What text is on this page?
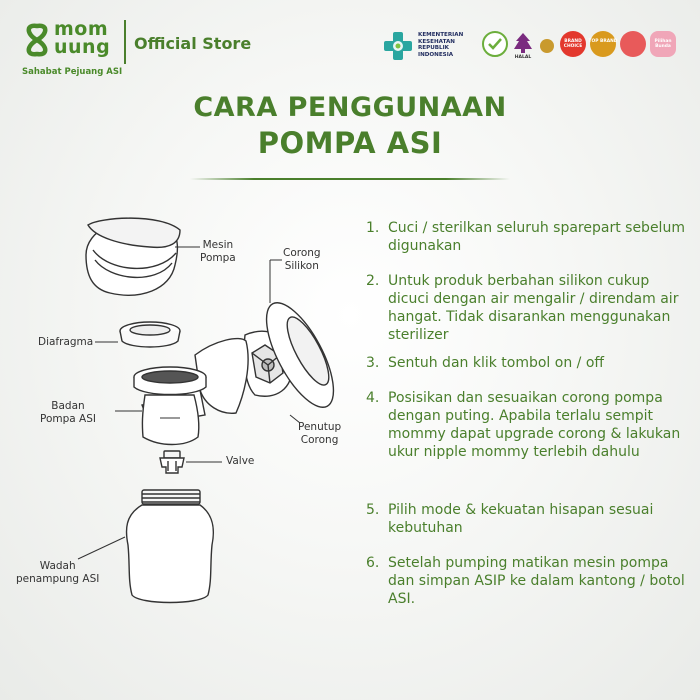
mom
uung
Sahabat Pejuang ASI
Official Store	KEMENTERIAN KESEHATAN REPUBLIK INDONESIA	HALAL
BRAND CHOICE
TOP BRAND	Pilihan Bunda
CARA PENGGUNAAN
POMPA ASI
Mesin
Pompa	Corong
Silikon
Diafragma
Badan
Pompa ASI
Penutup
Corong
Valve
Wadah
penampung ASI
1. Cuci / sterilkan seluruh sparepart sebelum digunakan
2. Untuk produk berbahan silikon cukup dicuci dengan air mengalir / direndam air hangat. Tidak disarankan menggunakan sterilizer
3. Sentuh dan klik tombol on / off
4. Posisikan dan sesuaikan corong pompa dengan puting. Apabila terlalu sempit mommy dapat upgrade corong & lakukan ukur nipple mommy terlebih dahulu
5. Pilih mode & kekuatan hisapan sesuai kebutuhan
6. Setelah pumping matikan mesin pompa dan simpan ASIP ke dalam kantong / botol ASI.
